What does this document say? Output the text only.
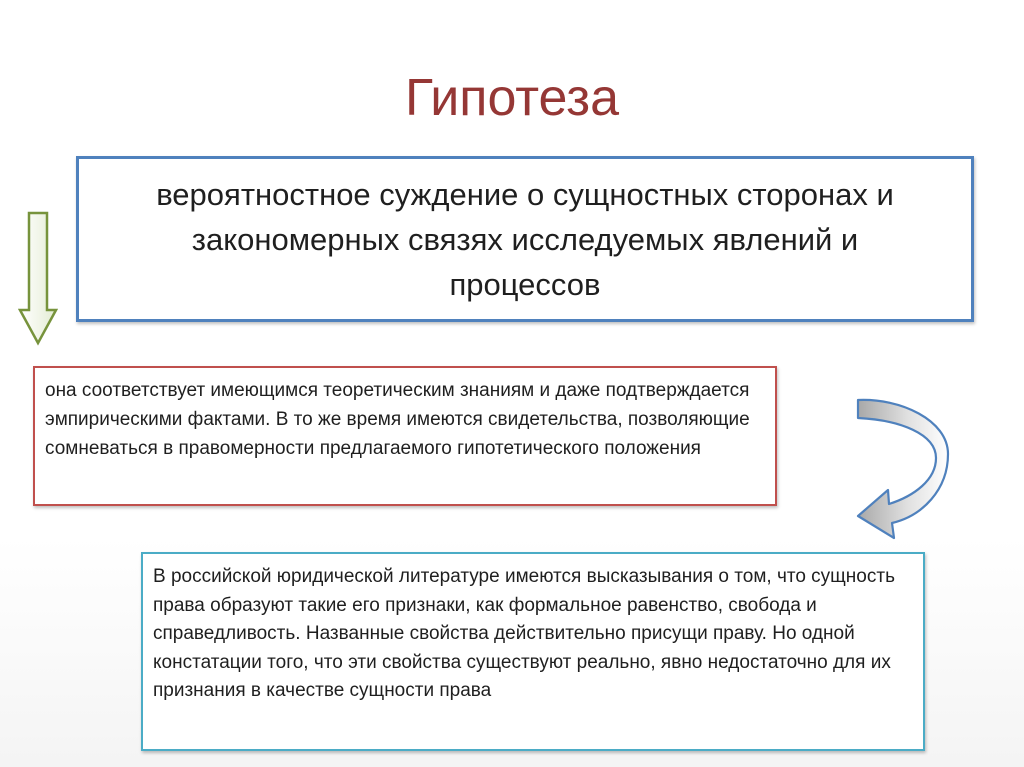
Гипотеза
вероятностное суждение о сущностных сторонах и закономерных связях исследуемых явлений и процессов
она соответствует имеющимся теоретическим знаниям и даже подтверждается эмпирическими фактами. В то же время имеются свидетельства, позволяющие сомневаться в правомерности предлагаемого гипотетического положения
В российской юридической литературе имеются высказывания о том, что сущность права образуют такие его признаки, как формальное равенство, свобода и справедливость. Названные свойства действительно присущи праву. Но одной констатации того, что эти свойства существуют реально, явно недостаточно для их признания в качестве сущности права
